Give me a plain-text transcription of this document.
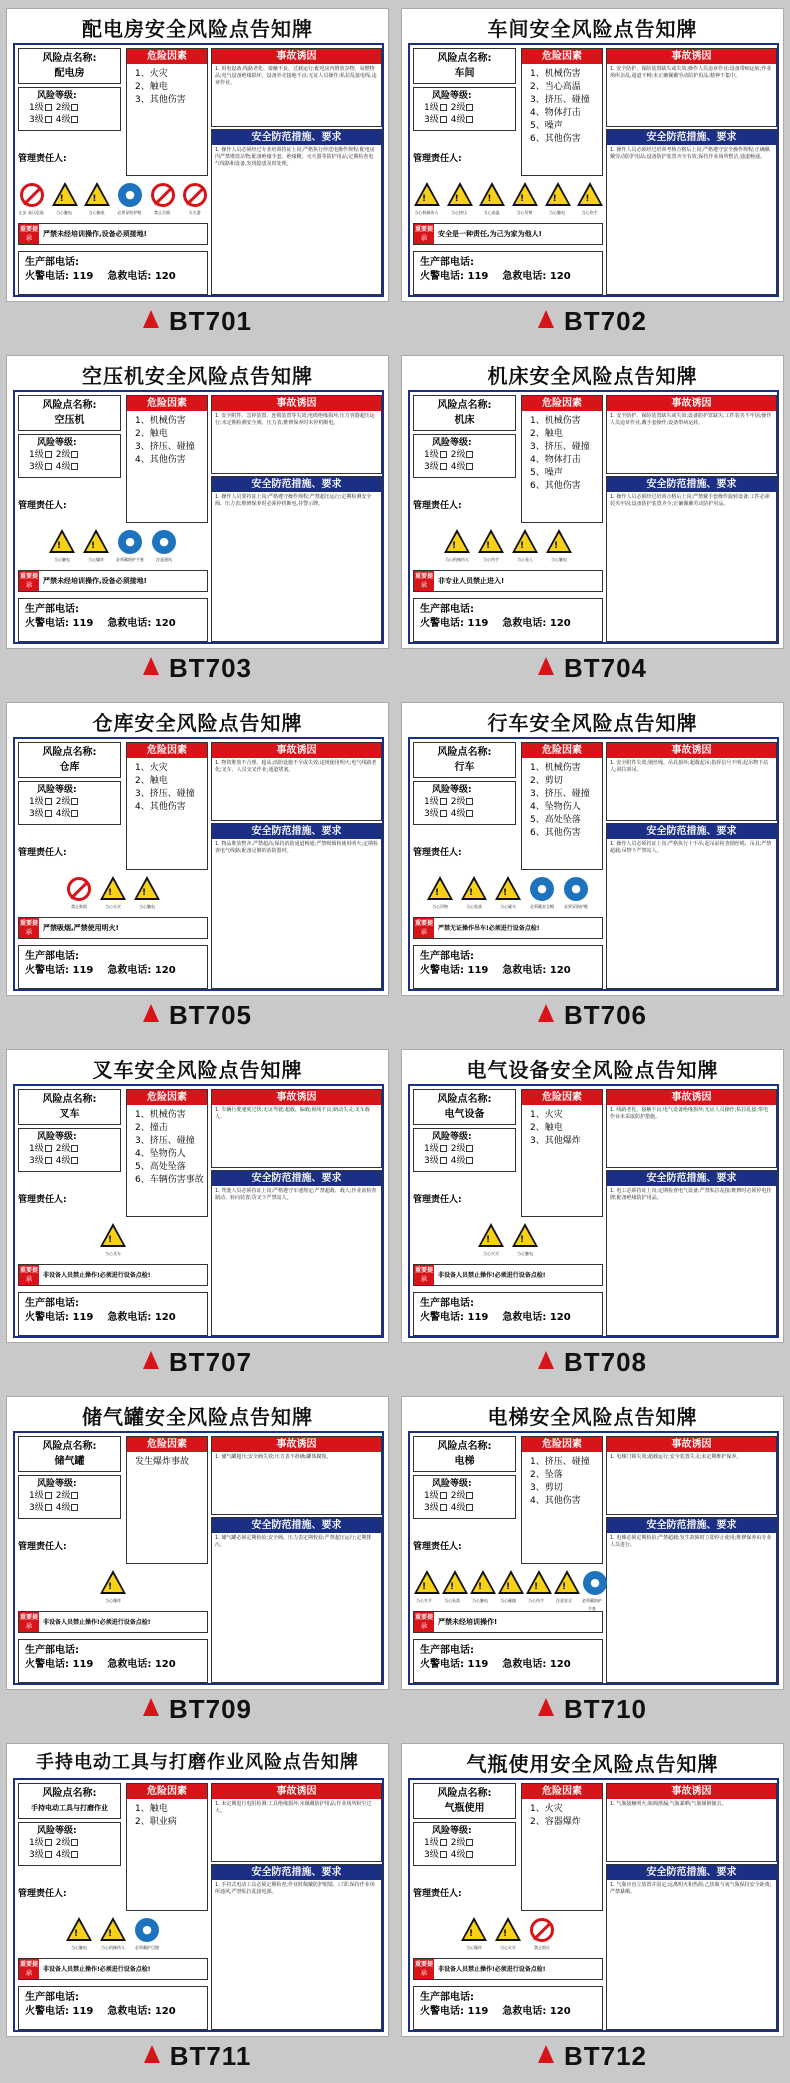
配电房安全风险点告知牌
风险点名称:
配电房
风险等级:
1级 2级
3级 4级
管理责任人:
危险因素
1、火灾
2、触电
3、其他伤害
事故诱因
1. 用电设备,线路老化、接触不良、过载运行;配电房内堆放杂物、易燃物品;电气设备绝缘损坏、设备外壳接地不良;无证人员操作;私拉乱接电线,违章作业。
安全防范措施、要求
1. 操作人员必须经过专业培训持证上岗;严格执行停送电操作规程;配电房内严禁堆放杂物;配备绝缘手套、绝缘靴、灭火器等防护用品;定期检查电气线路和设备,发现隐患及时处理。
止步 高压危险
!
当心触电
!
当心触电
●
必须穿防护鞋	禁止合闸	灭火器
重要提示
严禁未经培训操作,设备必须接地!
生产部电话:
火警电话: 119 急救电话: 120
BT701
车间安全风险点告知牌
风险点名称:
车间
风险等级:
1级 2级
3级 4级
管理责任人:
危险因素
1、机械伤害
2、当心高温
3、挤压、碰撞
4、物体打击
5、噪声
6、其他伤害
事故诱因
1. 安全防护、保险装置缺失或失效;操作人员违章作业;设备带病运转;作业场所杂乱,通道不畅;未正确佩戴劳动防护用品;精神不集中。
安全防范措施、要求
1. 操作人员必须经过培训考核合格后上岗;严格遵守安全操作规程;正确佩戴劳动防护用品;设备防护装置齐全有效;保持作业场所整洁,通道畅通。
!
当心机械伤人
!
当心挤压
!
当心高温
!
当心吊物
!
当心触电
!
当心伤手
重要提示
安全是一种责任,为己为家为他人!
生产部电话:
火警电话: 119 急救电话: 120
BT702
空压机安全风险点告知牌
风险点名称:
空压机
风险等级:
1级 2级
3级 4级
管理责任人:
危险因素
1、机械伤害
2、触电
3、挤压、碰撞
4、其他伤害
事故诱因
1. 安全附件、急停装置、连锁装置等失效;电缆绝缘损坏;压力容器超压运行;未定期检测安全阀、压力表;维修保养时未停机断电。
安全防范措施、要求
1. 操作人员要持证上岗;严格遵守操作规程;严禁超压运行;定期检测安全阀、压力表;维修保养时必须停机断电,挂警示牌。
!
当心触电
!
当心爆炸
●
必须戴防护手套
●
注意通风
重要提示
严禁未经培训操作,设备必须接地!
生产部电话:
火警电话: 119 急救电话: 120
BT703
机床安全风险点告知牌
风险点名称:
机床
风险等级:
1级 2级
3级 4级
管理责任人:
危险因素
1、机械伤害
2、触电
3、挤压、碰撞
4、物体打击
5、噪声
6、其他伤害
事故诱因
1. 安全防护、保险装置缺失或失效;设备防护罩缺失;工件装夹不牢固;操作人员违章作业,戴手套操作;设备带病运转。
安全防范措施、要求
1. 操作人员必须经过培训合格后上岗;严禁戴手套操作旋转设备;工件必须装夹牢固;设备防护装置齐全;正确佩戴劳动防护用品。
!
当心机械伤人
!
当心伤手
!
当心卷入
!
当心触电
重要提示
非专业人员禁止进入!
生产部电话:
火警电话: 119 急救电话: 120
BT704
仓库安全风险点告知牌
风险点名称:
仓库
风险等级:
1级 2级
3级 4级
管理责任人:
危险因素
1、火灾
2、触电
3、挤压、碰撞
4、其他伤害
事故诱因
1. 物资堆放不合理、超高;消防设施不全或失效;违规使用明火;电气线路老化;叉车、人员交叉作业;通道堵塞。
安全防范措施、要求
1. 物品堆放整齐,严禁超高;保持消防通道畅通;严禁吸烟和使用明火;定期检查电气线路;配备足够的消防器材。
禁止吸烟
!
当心火灾
!
当心触电
重要提示
严禁吸烟,严禁使用明火!
生产部电话:
火警电话: 119 急救电话: 120
BT705
行车安全风险点告知牌
风险点名称:
行车
风险等级:
1级 2级
3级 4级
管理责任人:
危险因素
1、机械伤害
2、剪切
3、挤压、碰撞
4、坠物伤人
5、高处坠落
6、其他伤害
事故诱因
1. 安全附件失效;钢丝绳、吊具损坏;超载起吊;指挥信号不明;起吊物下站人;斜拉斜吊。
安全防范措施、要求
1. 操作人员必须持证上岗;严格执行十不吊;起吊前检查钢丝绳、吊具;严禁超载;吊物下严禁站人。
!
当心吊物
!
当心坠落
!
当心碰头
●
必须戴安全帽
●
必须穿防护鞋
重要提示
严禁无证操作吊车!必须进行设备点检!
生产部电话:
火警电话: 119 急救电话: 120
BT706
叉车安全风险点告知牌
风险点名称:
叉车
风险等级:
1级 2级
3级 4级
管理责任人:
危险因素
1、机械伤害
2、撞击
3、挤压、碰撞
4、坠物伤人
5、高处坠落
6、车辆伤害事故
事故诱因
1. 车辆行驶速度过快;无证驾驶;超载、偏载;视线不良;制动失灵;叉车载人。
安全防范措施、要求
1. 驾驶人员必须持证上岗;严格遵守车速规定;严禁超载、载人;作业前检查制动、转向装置;货叉下严禁站人。
!
当心叉车
重要提示
非设备人员禁止操作!必须进行设备点检!
生产部电话:
火警电话: 119 急救电话: 120
BT707
电气设备安全风险点告知牌
风险点名称:
电气设备
风险等级:
1级 2级
3级 4级
管理责任人:
危险因素
1、火灾
2、触电
3、其他爆炸
事故诱因
1. 线路老化、接触不良;电气设备绝缘损坏;无证人员操作;私拉乱接;带电作业未采取防护措施。
安全防范措施、要求
1. 电工必须持证上岗;定期检查电气设备;严禁私拉乱接;维修时必须停电挂牌;配备绝缘防护用品。
!
当心火灾
!
当心触电
重要提示
非设备人员禁止操作!必须进行设备点检!
生产部电话:
火警电话: 119 急救电话: 120
BT708
储气罐安全风险点告知牌
风险点名称:
储气罐
风险等级:
1级 2级
3级 4级
管理责任人:
危险因素
发生爆炸事故
事故诱因
1. 储气罐超压;安全阀失效;压力表不准确;罐体腐蚀。
安全防范措施、要求
1. 储气罐必须定期检验;安全阀、压力表定期校验;严禁超压运行;定期排污。
!
当心爆炸
重要提示
非设备人员禁止操作!必须进行设备点检!
生产部电话:
火警电话: 119 急救电话: 120
BT709
电梯安全风险点告知牌
风险点名称:
电梯
风险等级:
1级 2级
3级 4级
管理责任人:
危险因素
1、挤压、碰撞
2、坠落
3、剪切
4、其他伤害
事故诱因
1. 电梯门锁失效;超载运行;安全装置失灵;未定期维护保养。
安全防范措施、要求
1. 电梯必须定期检验;严禁超载;发生故障时立即停止使用;维修保养由专业人员进行。
!
当心夹手
!
当心坠落
!
当心触电
!
当心碰撞
!
当心伤手
!
注意安全
●
必须戴防护手套
重要提示
严禁未经培训操作!
生产部电话:
火警电话: 119 急救电话: 120
BT710
手持电动工具与打磨作业风险点告知牌
风险点名称:
手持电动工具与打磨作业
风险等级:
1级 2级
3级 4级
管理责任人:
危险因素
1、触电
2、职业病
事故诱因
1. 未定期进行电阻检测;工具绝缘损坏;未佩戴防护用品;作业场所粉尘过大。
安全防范措施、要求
1. 手持式电动工具必须定期检查;作业时佩戴防护眼镜、口罩;保持作业场所通风;严禁私拉乱接电源。
!
当心触电
!
当心机械伤人
●
必须戴护目镜
重要提示
非设备人员禁止操作!必须进行设备点检!
生产部电话:
火警电话: 119 急救电话: 120
BT711
气瓶使用安全风险点告知牌
风险点名称:
气瓶使用
风险等级:
1级 2级
3级 4级
管理责任人:
危险因素
1、火灾
2、容器爆炸
事故诱因
1. 气瓶接触明火;瓶阀泄漏;气瓶暴晒;气瓶倾倒撞击。
安全防范措施、要求
1. 气瓶应直立放置并固定;远离明火和热源;乙炔瓶与氧气瓶保持安全距离;严禁暴晒。
!
当心爆炸
!
当心火灾	禁止烟火
重要提示
非设备人员禁止操作!必须进行设备点检!
生产部电话:
火警电话: 119 急救电话: 120
BT712
